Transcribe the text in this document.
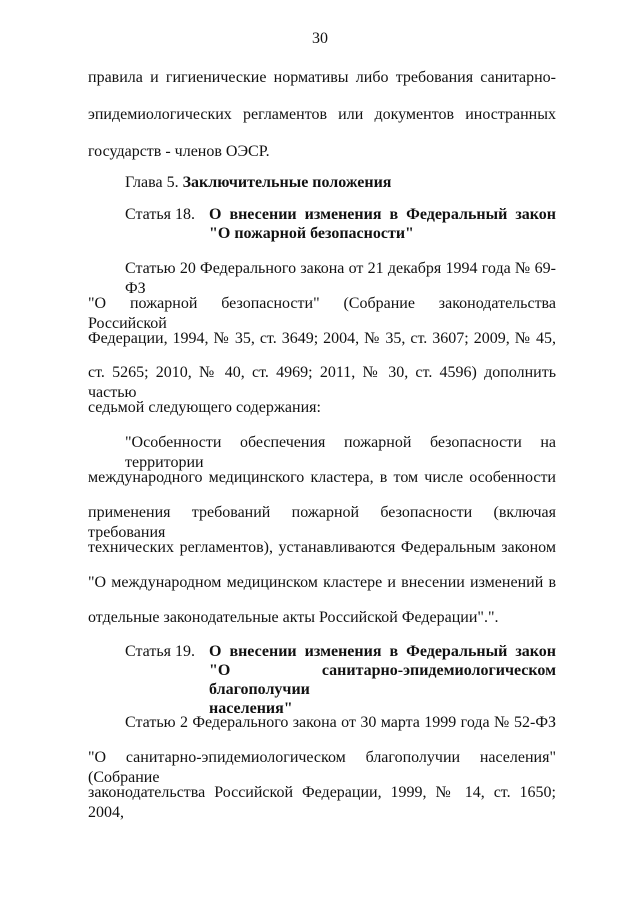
30
правила и гигиенические нормативы либо требования санитарно-
эпидемиологических регламентов или документов иностранных
государств - членов ОЭСР.
Глава 5. Заключительные положения
Статья 18. О внесении изменения в Федеральный закон
"О пожарной безопасности"
Статью 20 Федерального закона от 21 декабря 1994 года № 69-ФЗ
"О пожарной безопасности" (Собрание законодательства Российской
Федерации, 1994, № 35, ст. 3649; 2004, № 35, ст. 3607; 2009, № 45,
ст. 5265; 2010, № 40, ст. 4969; 2011, № 30, ст. 4596) дополнить частью
седьмой следующего содержания:
"Особенности обеспечения пожарной безопасности на территории
международного медицинского кластера, в том числе особенности
применения требований пожарной безопасности (включая требования
технических регламентов), устанавливаются Федеральным законом
"О международном медицинском кластере и внесении изменений в
отдельные законодательные акты Российской Федерации".".
Статья 19. О внесении изменения в Федеральный закон
"О санитарно-эпидемиологическом благополучии
населения"
Статью 2 Федерального закона от 30 марта 1999 года № 52-ФЗ
"О санитарно-эпидемиологическом благополучии населения" (Собрание
законодательства Российской Федерации, 1999, № 14, ст. 1650; 2004,
